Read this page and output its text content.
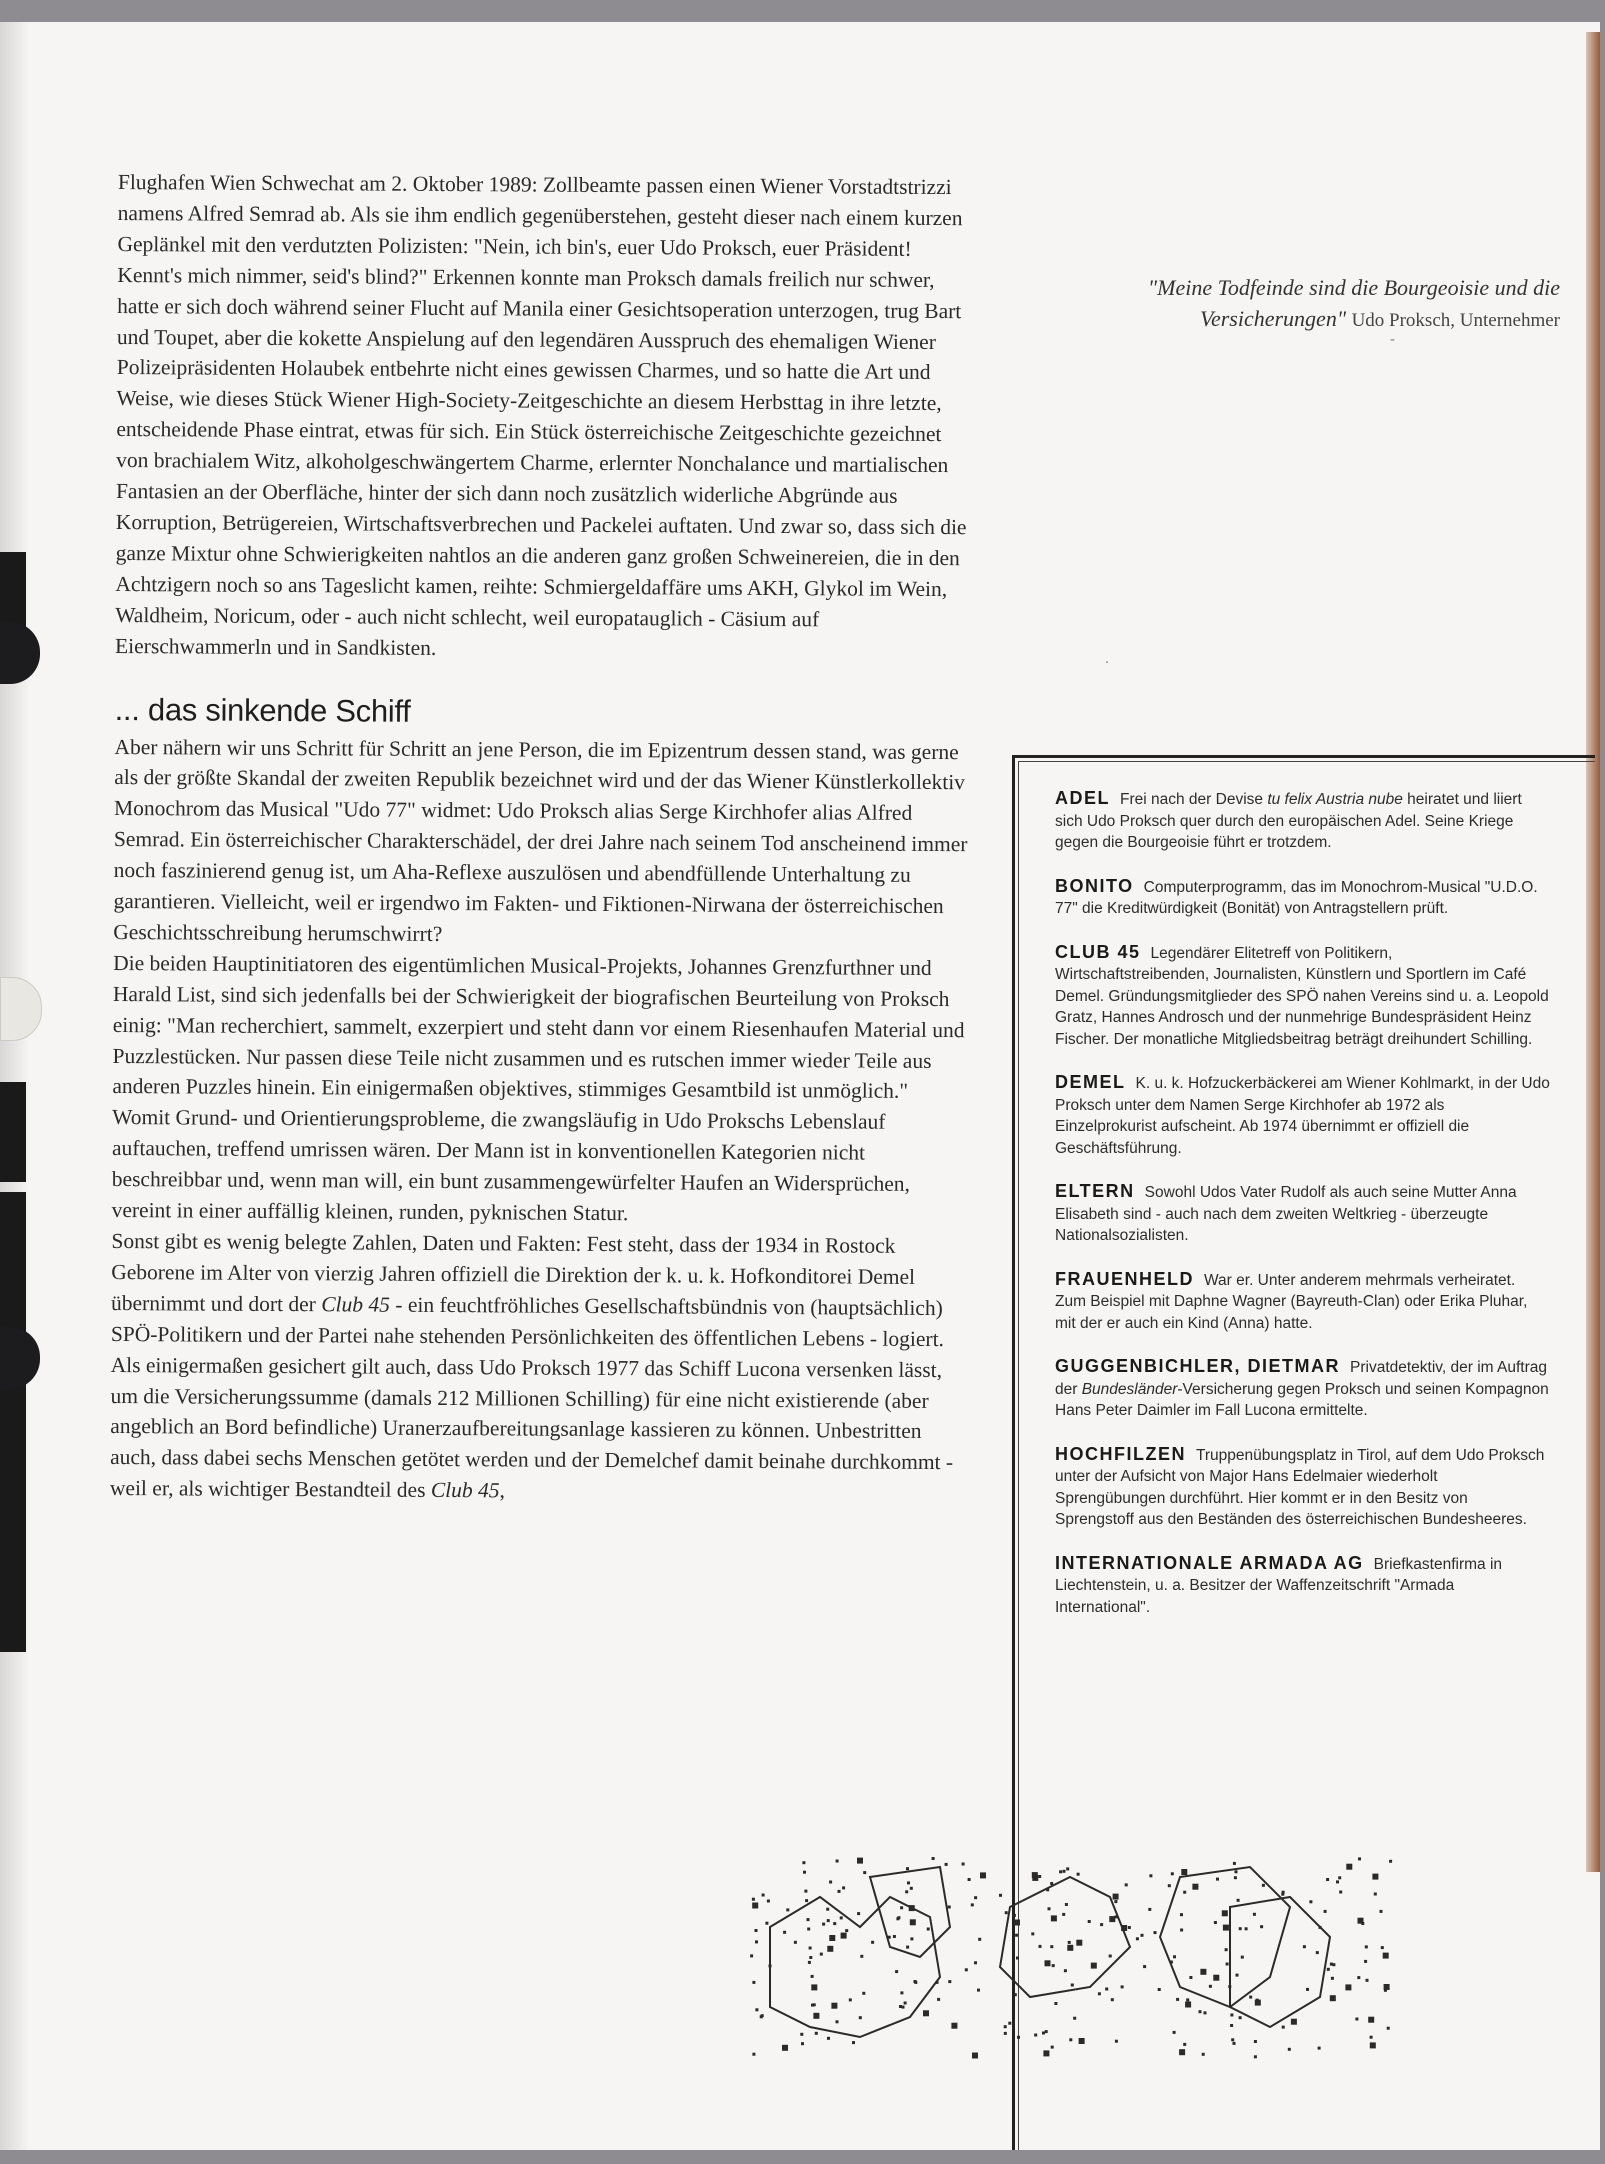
Flughafen Wien Schwechat am 2. Oktober 1989: Zollbeamte passen einen Wiener Vorstadtstrizzi namens Alfred Semrad ab. Als sie ihm endlich gegenüberstehen, gesteht dieser nach einem kurzen Geplänkel mit den verdutzten Polizisten: "Nein, ich bin's, euer Udo Proksch, euer Präsident! Kennt's mich nimmer, seid's blind?" Erkennen konnte man Proksch damals freilich nur schwer, hatte er sich doch während seiner Flucht auf Manila einer Gesichtsoperation unterzogen, trug Bart und Toupet, aber die kokette Anspielung auf den legendären Ausspruch des ehemaligen Wiener Polizeipräsidenten Holaubek entbehrte nicht eines gewissen Charmes, und so hatte die Art und Weise, wie dieses Stück Wiener High-Society-Zeitgeschichte an diesem Herbsttag in ihre letzte, entscheidende Phase eintrat, etwas für sich. Ein Stück österreichische Zeitgeschichte gezeichnet von brachialem Witz, alkoholgeschwängertem Charme, erlernter Nonchalance und martialischen Fantasien an der Oberfläche, hinter der sich dann noch zusätzlich widerliche Abgründe aus Korruption, Betrügereien, Wirtschaftsverbrechen und Packelei auftaten. Und zwar so, dass sich die ganze Mixtur ohne Schwierigkeiten nahtlos an die anderen ganz großen Schweinereien, die in den Achtzigern noch so ans Tageslicht kamen, reihte: Schmiergeldaffäre ums AKH, Glykol im Wein, Waldheim, Noricum, oder - auch nicht schlecht, weil europatauglich - Cäsium auf Eierschwammerln und in Sandkisten.

... das sinkende Schiff

Aber nähern wir uns Schritt für Schritt an jene Person, die im Epizentrum dessen stand, was gerne als der größte Skandal der zweiten Republik bezeichnet wird und der das Wiener Künstlerkollektiv Monochrom das Musical "Udo 77" widmet: Udo Proksch alias Serge Kirchhofer alias Alfred Semrad. Ein österreichischer Charakterschädel, der drei Jahre nach seinem Tod anscheinend immer noch faszinierend genug ist, um Aha-Reflexe auszulösen und abendfüllende Unterhaltung zu garantieren. Vielleicht, weil er irgendwo im Fakten- und Fiktionen-Nirwana der österreichischen Geschichtsschreibung herumschwirrt?

Die beiden Hauptinitiatoren des eigentümlichen Musical-Projekts, Johannes Grenzfurthner und Harald List, sind sich jedenfalls bei der Schwierigkeit der biografischen Beurteilung von Proksch einig: "Man recherchiert, sammelt, exzerpiert und steht dann vor einem Riesenhaufen Material und Puzzlestücken. Nur passen diese Teile nicht zusammen und es rutschen immer wieder Teile aus anderen Puzzles hinein. Ein einigermaßen objektives, stimmiges Gesamtbild ist unmöglich."

Womit Grund- und Orientierungsprobleme, die zwangsläufig in Udo Prokschs Lebenslauf auftauchen, treffend umrissen wären. Der Mann ist in konventionellen Kategorien nicht beschreibbar und, wenn man will, ein bunt zusammengewürfelter Haufen an Widersprüchen, vereint in einer auffällig kleinen, runden, pyknischen Statur.

Sonst gibt es wenig belegte Zahlen, Daten und Fakten: Fest steht, dass der 1934 in Rostock Geborene im Alter von vierzig Jahren offiziell die Direktion der k. u. k. Hofkonditorei Demel übernimmt und dort der Club 45 - ein feuchtfröhliches Gesellschaftsbündnis von (hauptsächlich) SPÖ-Politikern und der Partei nahe stehenden Persönlichkeiten des öffentlichen Lebens - logiert. Als einigermaßen gesichert gilt auch, dass Udo Proksch 1977 das Schiff Lucona versenken lässt, um die Versicherungssumme (damals 212 Millionen Schilling) für eine nicht existierende (aber angeblich an Bord befindliche) Uranerzaufbereitungsanlage kassieren zu können. Unbestritten auch, dass dabei sechs Menschen getötet werden und der Demelchef damit beinahe durchkommt - weil er, als wichtiger Bestandteil des Club 45,

"Meine Todfeinde sind die Bourgeoisie und die Versicherungen" Udo Proksch, Unternehmer
-
.

ADEL Frei nach der Devise tu felix Austria nube heiratet und liiert sich Udo Proksch quer durch den europäischen Adel. Seine Kriege gegen die Bourgeoisie führt er trotzdem.

BONITO Computerprogramm, das im Monochrom-Musical "U.D.O. 77" die Kreditwürdigkeit (Bonität) von Antragstellern prüft.

CLUB 45 Legendärer Elitetreff von Politikern, Wirtschaftstreibenden, Journalisten, Künstlern und Sportlern im Café Demel. Gründungsmitglieder des SPÖ nahen Vereins sind u. a. Leopold Gratz, Hannes Androsch und der nunmehrige Bundespräsident Heinz Fischer. Der monatliche Mitgliedsbeitrag beträgt dreihundert Schilling.

DEMEL K. u. k. Hofzuckerbäckerei am Wiener Kohlmarkt, in der Udo Proksch unter dem Namen Serge Kirchhofer ab 1972 als Einzelprokurist aufscheint. Ab 1974 übernimmt er offiziell die Geschäftsführung.

ELTERN Sowohl Udos Vater Rudolf als auch seine Mutter Anna Elisabeth sind - auch nach dem zweiten Weltkrieg - überzeugte Nationalsozialisten.

FRAUENHELD War er. Unter anderem mehrmals verheiratet. Zum Beispiel mit Daphne Wagner (Bayreuth-Clan) oder Erika Pluhar, mit der er auch ein Kind (Anna) hatte.

GUGGENBICHLER, DIETMAR Privatdetektiv, der im Auftrag der Bundesländer-Versicherung gegen Proksch und seinen Kompagnon Hans Peter Daimler im Fall Lucona ermittelte.

HOCHFILZEN Truppenübungsplatz in Tirol, auf dem Udo Proksch unter der Aufsicht von Major Hans Edelmaier wiederholt Sprengübungen durchführt. Hier kommt er in den Besitz von Sprengstoff aus den Beständen des österreichischen Bundesheeres.

INTERNATIONALE ARMADA AG Briefkastenfirma in Liechtenstein, u. a. Besitzer der Waffenzeitschrift "Armada International".
